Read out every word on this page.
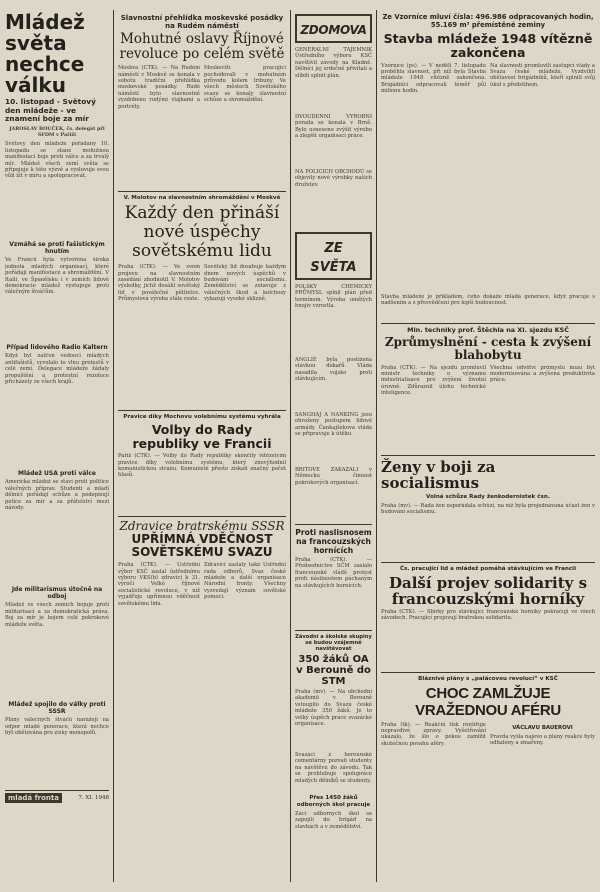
Mládež světa nechce válku
10. listopad - Světový den mládeže - ve znamení boje za mír
JAROSLAV BOUČEK, čs. delegát při SFDM v Paříži

Světový den mládeže pořádaný 10. listopadu se stane mohutnou manifestací boje proti válce a za trvalý mír. Mládež všech zemí světa se připojuje k této výzvě a vyslovuje svou vůli žít v míru a spolupracovat.

Vzmáhá se proti fašistickým hnutím

Ve Francii byla vytvořena široká jednota mladých organisací, které pořádají manifestace a shromáždění. V Italii, ve Španělsku i v zemích lidové demokracie mládež vystupuje proti válečným štváčům.

Případ lidového Radio Kaltern

Když byl zatčen vedoucí mladých antifašistů, vyvolalo to vlnu protestů v celé zemi. Delegace mládeže žádaly propuštění a protestní rezoluce přicházely ze všech krajů.

Mládež USA proti válce

Americká mládež se staví proti politice válečných příprav. Studenti a mladí dělníci pořádají schůze a podepisují petice za mír a za přátelství mezi národy.

Jde militarismus útočně na odboj

Mládež ve všech zemích bojuje proti militarisaci a za demokratická práva. Boj za mír je bojem celé pokrokové mládeže světa.

Mládež spojilo do války proti SSSR

Plány válečných štváčů narážejí na odpor mladé generace, která nechce být obětována pro zisky monopolů.

mladá fronta	7. XI. 1948
Slavnostní přehlídka moskevské posádky na Rudém náměstí
Mohutné oslavy Říjnové revoluce po celém světě

Moskva (ČTK). — Na Rudém náměstí v Moskvě se konala v sobotu tradiční přehlídka moskevské posádky. Rudé náměstí bylo slavnostně vyzdobeno rudými vlajkami a portréty.

Moskevští pracující pochodovali v mohutném průvodu kolem tribuny. Ve všech městech Sovětského svazu se konaly slavnostní schůze a shromáždění.

V. Molotov na slavnostním shromáždění v Moskvě
Každý den přináší nové úspěchy sovětskému lidu

Praha (ČTK). — Ve svém projevu na slavnostním zasedání zhodnotil V. Molotov výsledky, jichž dosáhl sovětský lid v poválečné pětiletce. Průmyslová výroba stále roste.

Sovětský lid dosahuje každým dnem nových úspěchů v budování socialismu. Zemědělství se zotavuje z válečných škod a kolchozy vykazují vysoké sklizně.

Pravice díky Mochovu volebnímu systému vyhrála
Volby do Rady republiky ve Francii

Paříž (ČTK). — Volby do Rady republiky skončily vítězstvím pravice díky volebnímu systému, který znevýhodnil komunistickou stranu. Komunisté přesto získali značný počet hlasů.

Zdravice bratrskému SSSR
UPŘÍMNÁ VDĚČNOST SOVĚTSKÉMU SVAZU

Praha (ČTK). — Ústřední výbor KSČ zaslal ústřednímu výboru VKS(b) zdravici k 31. výročí Velké říjnové socialistické revoluce, v níž vyjadřuje upřímnou vděčnost sovětskému lidu.

Zdravici zaslaly také Ústřední rada odborů, Svaz české mládeže a další organisace Národní fronty. Všechny vyzvedají význam sovětské pomoci.

ZDOMOVA

GENERÁLNÍ TAJEMNÍK Ústředního výboru KSČ navštívil závody na Kladně. Dělníci jej srdečně přivítali a slíbili splnit plán.

DVOUDENNÍ VÝROBNÍ porada se konala v Brně. Bylo usneseno zvýšit výrobu a zlepšit organisaci práce.

NA POLICÍCH OBCHODŮ se objevily nové výrobky našich družstev.

ZE SVĚTA

POLSKÝ CHEMICKÝ PRŮMYSL splnil plán před termínem. Výroba umělých hnojiv vzrostla.

ANGLIE byla postižena stávkou dokařů. Vláda nasadila vojsko proti stávkujícím.

ŠANGHAJ A NANKING jsou ohroženy postupem lidové armády. Čankajšekova vláda se připravuje k útěku.

BRITOVÉ ZAKAZALI v Německu činnost pokrokových organisací.

Proti naslisnosem na francouzských hornících

Praha (ČTK). — Předsednictvo SČM zaslalo francouzské vládě protest proti násilnostem páchaným na stávkujících hornících.

Závodní a školské skupiny se budou vzájemně navštěvovat
350 žáků OA v Berouně do STM

Praha (mv). — Na obchodní akademii v Berouně vstoupilo do Svazu české mládeže 350 žáků. Je to velký úspěch práce svazácké organisace.

Svazáci z berounské cementárny pozvali studenty na návštěvu do závodu. Tak se prohlubuje spolupráce mladých dělníků se studenty.

Přes 1450 žáků odborných škol pracuje

Žáci odborných škol se zapojili do brigád na stavbách a v zemědělství.

Ze Vzorníce mluví čísla: 496.986 odpracovaných hodin, 55.169 m³ přemístěné zeminy
Stavba mládeže 1948 vítězně zakončena

Vzorníce (ps). — V neděli 7. listopadu proběhla slavnost, při níž byla Stavba mládeže 1948 vítězně zakončena. Brigádníci odpracovali téměř půl milionu hodin.

Na slavnosti promluvili zástupci vlády a Svazu české mládeže. Vyzdvihli obětavost brigádníků, kteří splnili svůj úkol s předstihem.

Stavba mládeže je příkladem, čeho dokáže mladá generace, když pracuje s nadšením a z přesvědčení pro lepší budoucnost.

Min. techniky prof. Štěchla na XI. sjezdu KSČ
Zprůmyslnění - cesta k zvýšení blahobytu

Praha (ČTK). — Na sjezdu promluvil ministr techniky o významu industrialisace pro zvýšení životní úrovně. Zdůraznil úlohu technické inteligence.

Všechna odvětví průmyslu musí být modernisována a zvýšena produktivita práce.

Ženy v boji za socialismus
Volná schůze Rady ženkodernistek čsn.

Praha (mv). — Rada žen uspořádala schůzi, na níž byla projednávána účast žen v budování socialismu.

Čs. pracující lid a mládež pomáhá stávkujícím ve Francii
Další projev solidarity s francouzskými horníky

Praha (ČTK). — Sbírky pro stávkující francouzské horníky pokračují ve všech závodech. Pracující projevují bratrskou solidaritu.

Bláznivé plány s „palácovou revolucí“ v KSČ
CHOC ZAMLŽUJE VRAŽEDNOU AFÉRU

Praha (tk). — Reakční tisk rozšiřuje nepravdivé zprávy. Vyšetřování ukázalo, že šlo o pokus zamlžit skutečnou povahu aféry.

VÁCLAVU BAUEROVI

Pravda vyšla najevo a plány reakce byly odhaleny a zmařeny.
